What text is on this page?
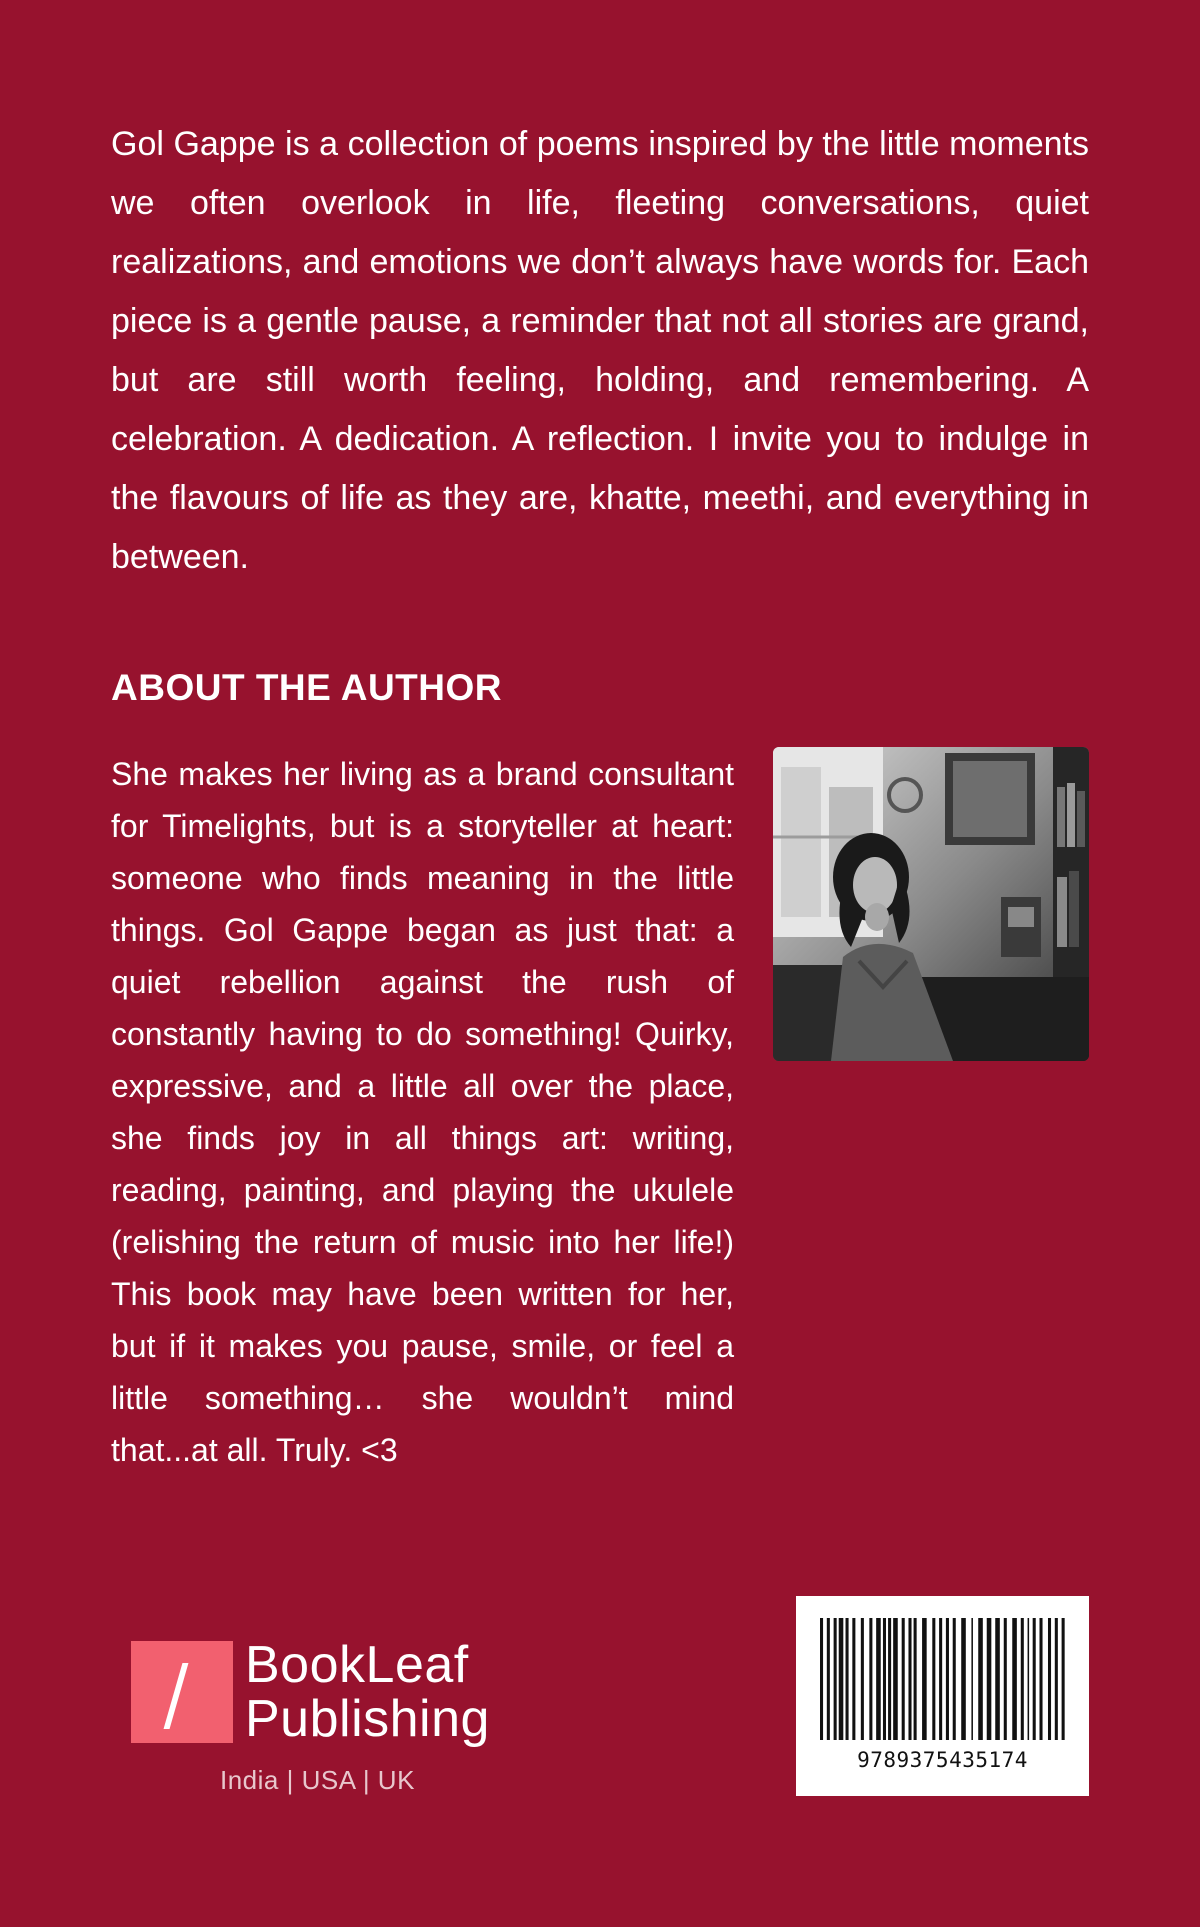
Gol Gappe is a collection of poems inspired by the little moments we often overlook in life, fleeting conversations, quiet realizations, and emotions we don’t always have words for. Each piece is a gentle pause, a reminder that not all stories are grand, but are still worth feeling, holding, and remembering. A celebration. A dedication. A reflection. I invite you to indulge in the flavours of life as they are, khatte, meethi, and everything in between.

ABOUT THE AUTHOR

She makes her living as a brand consultant for Timelights, but is a storyteller at heart: someone who finds meaning in the little things. Gol Gappe began as just that: a quiet rebellion against the rush of constantly having to do something! Quirky, expressive, and a little all over the place, she finds joy in all things art: writing, reading, painting, and playing the ukulele (relishing the return of music into her life!) This book may have been written for her, but if it makes you pause, smile, or feel a little something… she wouldn’t mind that...at all. Truly. <3

BookLeaf
Publishing
India | USA | UK
9789375435174
